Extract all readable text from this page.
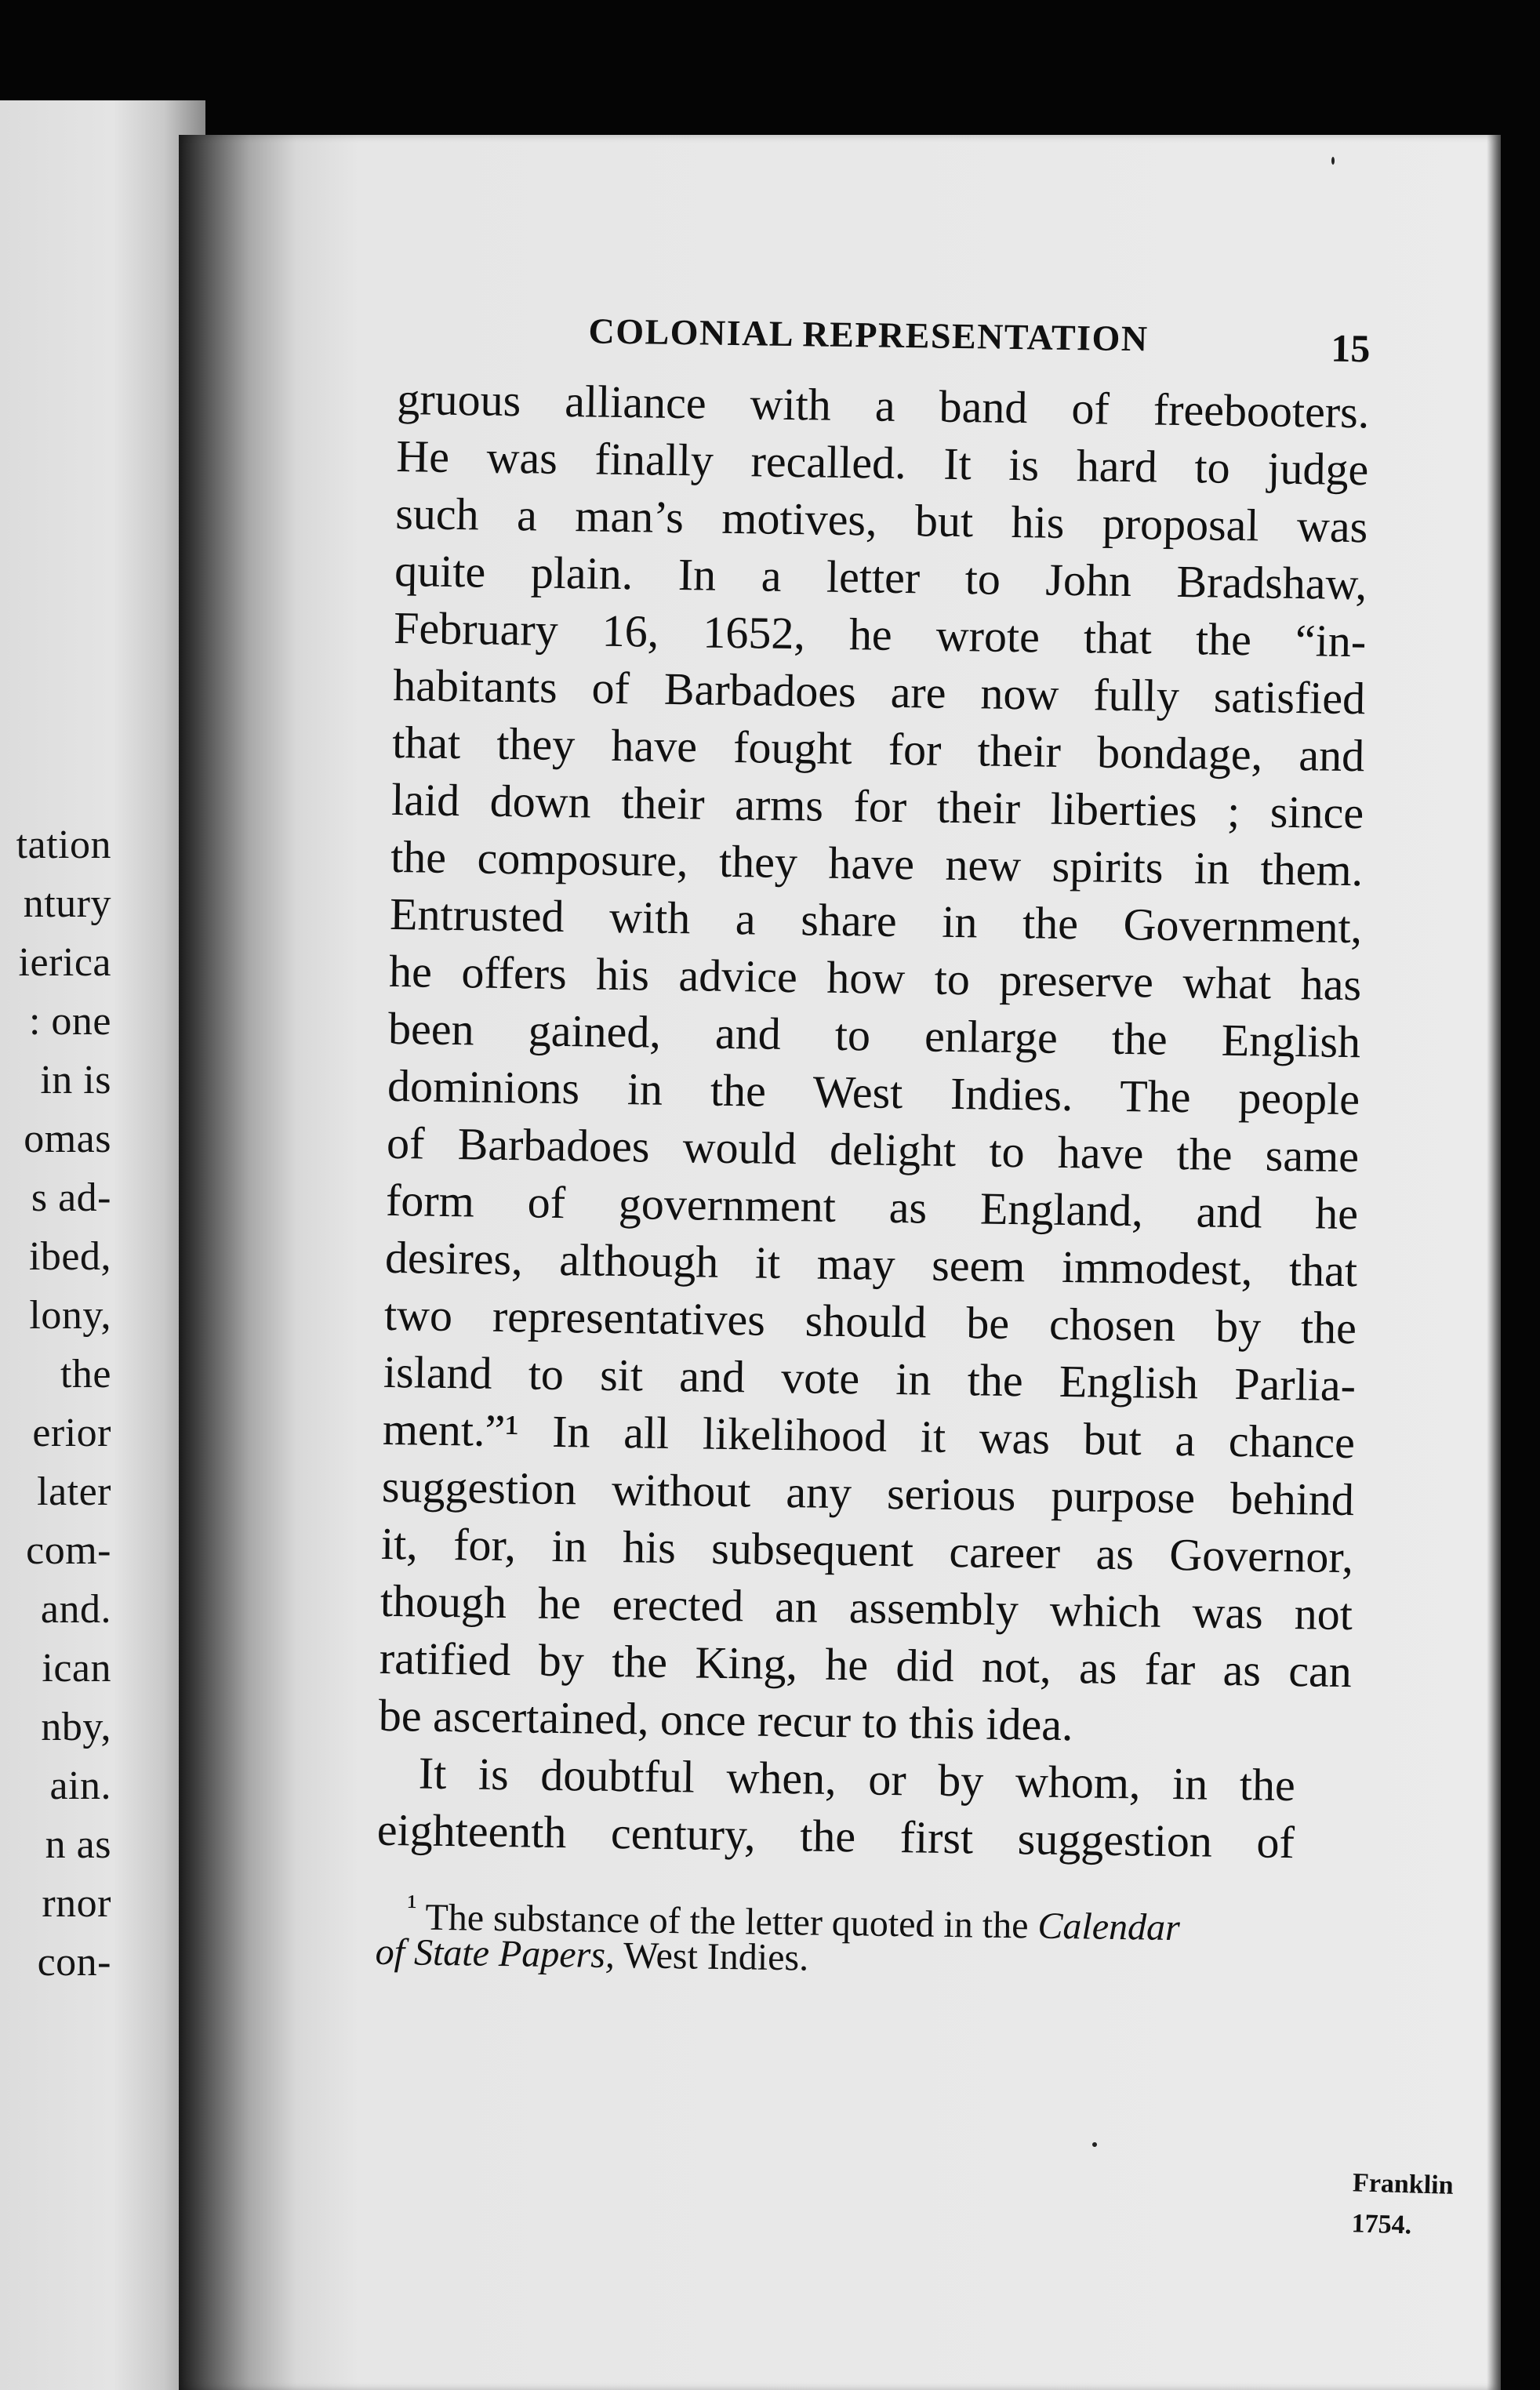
tation
ntury
ierica
: one
in is
omas
s ad-
ibed,
lony,
the
erior
later
com-
and.
ican
nby,
ain.
n as
rnor
con-
COLONIAL REPRESENTATION	15
gruous alliance with a band of freebooters.
He was finally recalled. It is hard to judge
such a man’s motives, but his proposal was
quite plain. In a letter to John Bradshaw,
February 16, 1652, he wrote that the “in-
habitants of Barbadoes are now fully satisfied
that they have fought for their bondage, and
laid down their arms for their liberties ; since
the composure, they have new spirits in them.
Entrusted with a share in the Government,
he offers his advice how to preserve what has
been gained, and to enlarge the English
dominions in the West Indies. The people
of Barbadoes would delight to have the same
form of government as England, and he
desires, although it may seem immodest, that
two representatives should be chosen by the
island to sit and vote in the English Parlia-
ment.”¹ In all likelihood it was but a chance
suggestion without any serious purpose behind
it, for, in his subsequent career as Governor,
though he erected an assembly which was not
ratified by the King, he did not, as far as can
be ascertained, once recur to this idea.
It is doubtful when, or by whom, in the
eighteenth century, the first suggestion of
$^{^1}$ The substance of the letter quoted in the Calendar
of State Papers, West Indies.
Franklin
1754.
